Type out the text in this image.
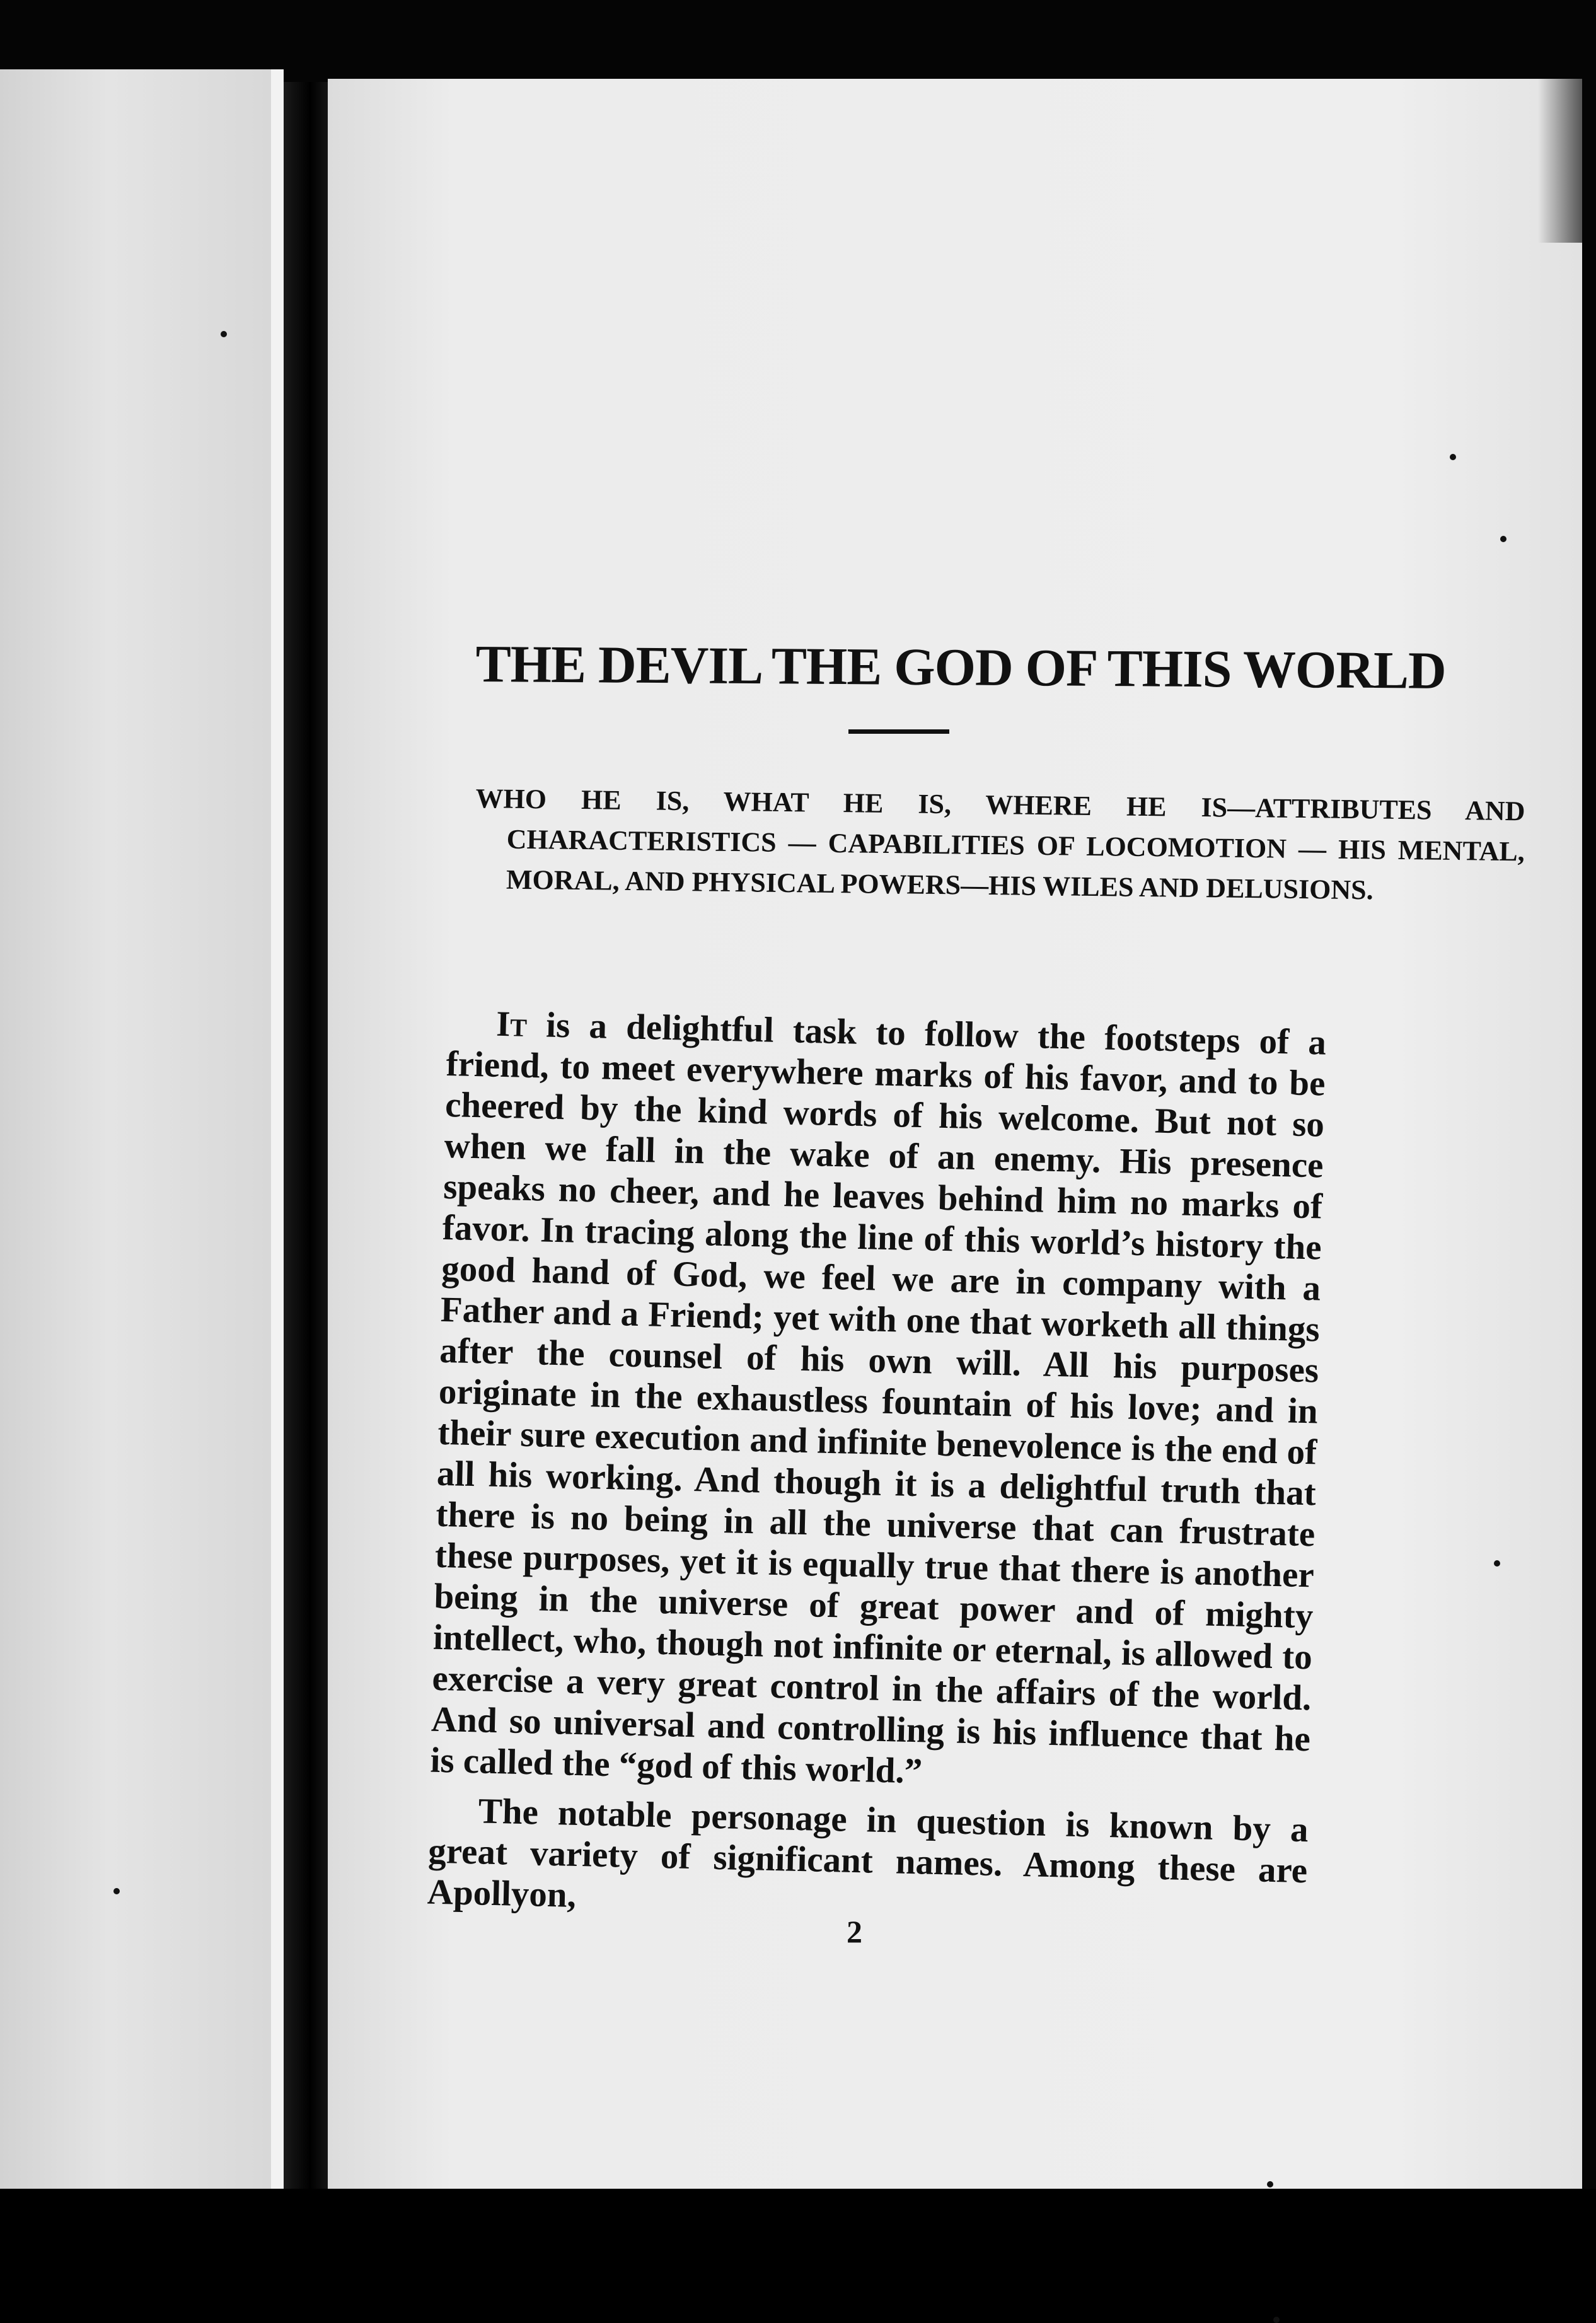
THE DEVIL THE GOD OF THIS WORLD
WHO HE IS, WHAT HE IS, WHERE HE IS—ATTRIBUTES AND CHARACTERISTICS — CAPABILITIES OF LOCOMOTION — HIS MENTAL, MORAL, AND PHYSICAL POWERS—HIS WILES AND DELUSIONS.

It is a delightful task to follow the footsteps of a friend, to meet everywhere marks of his favor, and to be cheered by the kind words of his welcome. But not so when we fall in the wake of an enemy. His presence speaks no cheer, and he leaves behind him no marks of favor. In tracing along the line of this world’s history the good hand of God, we feel we are in company with a Father and a Friend; yet with one that worketh all things after the counsel of his own will. All his purposes originate in the exhaustless fountain of his love; and in their sure execution and infinite benevolence is the end of all his working. And though it is a delightful truth that there is no being in all the universe that can frustrate these purposes, yet it is equally true that there is another being in the universe of great power and of mighty intellect, who, though not infinite or eternal, is allowed to exercise a very great control in the affairs of the world. And so universal and controlling is his influence that he is called the “god of this world.”

The notable personage in question is known by a great variety of significant names. Among these are Apollyon,

2
